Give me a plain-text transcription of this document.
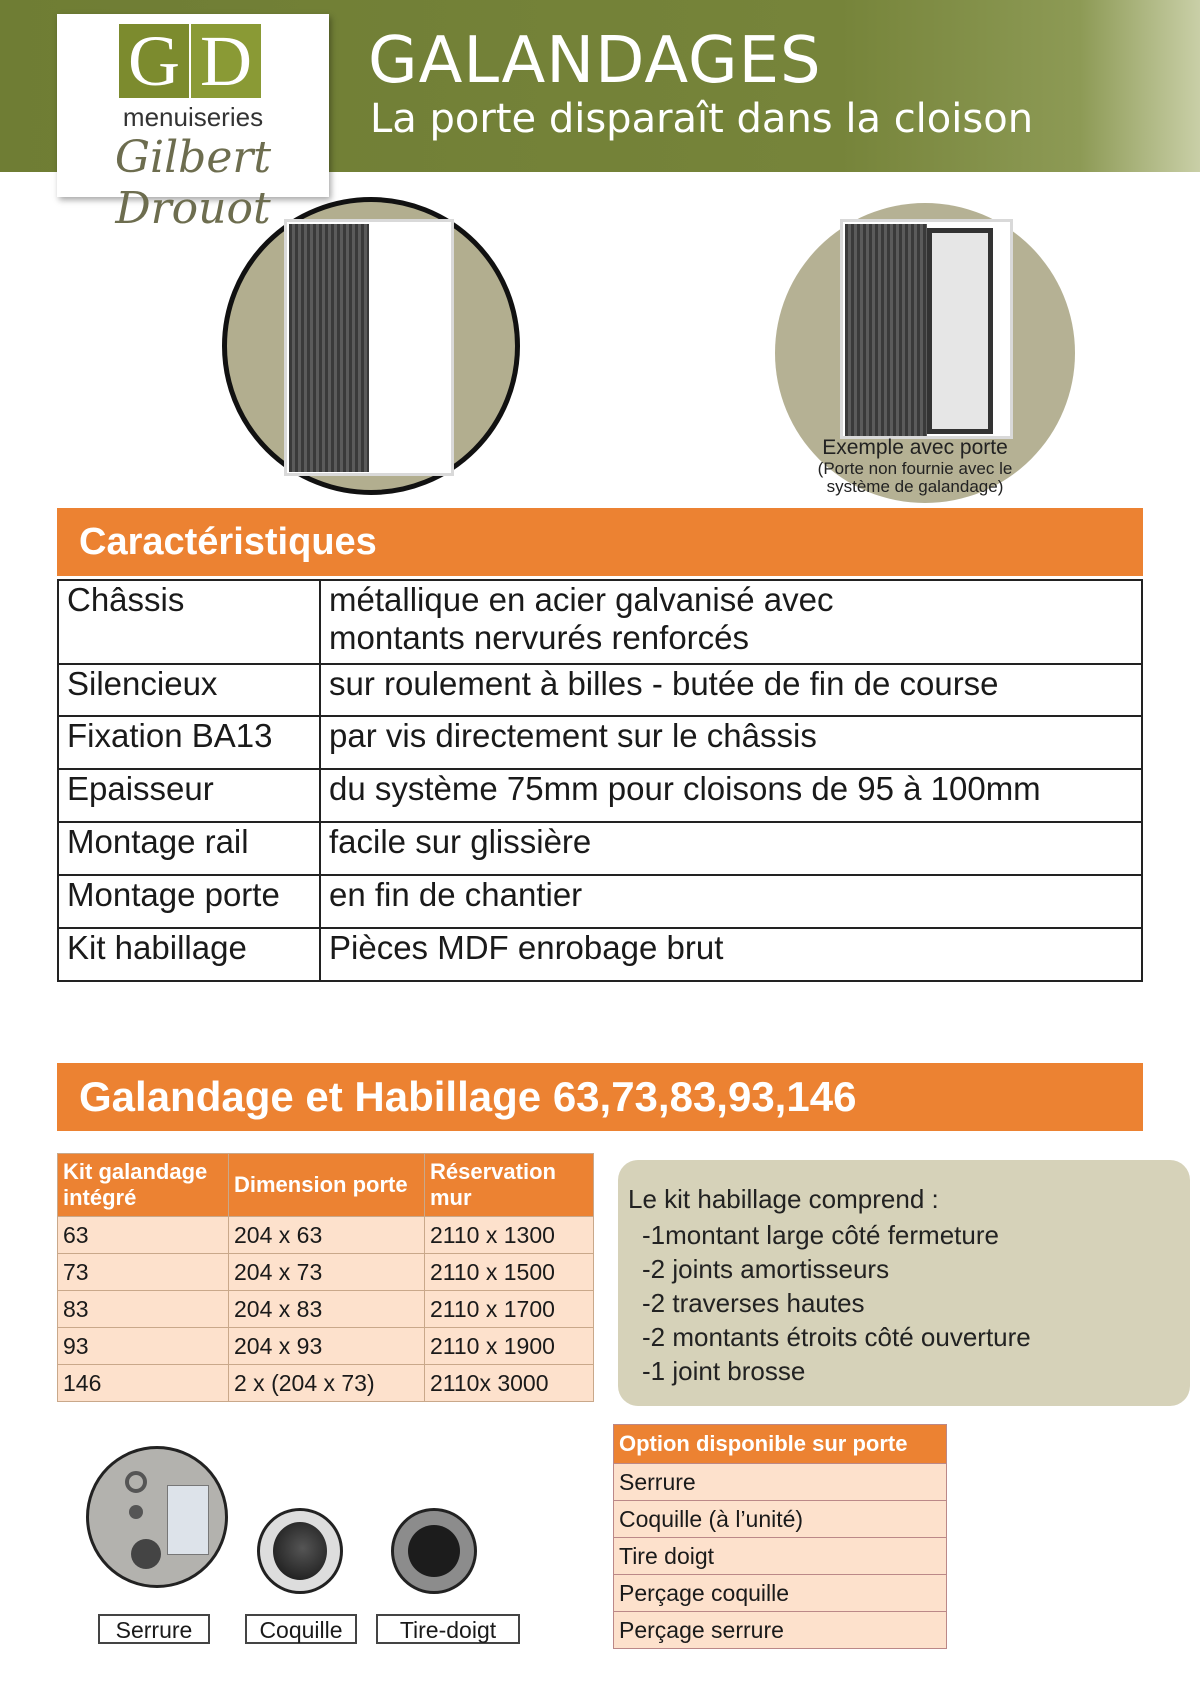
G D
menuiseries
Gilbert Drouot
GALANDAGES
La porte disparaît dans la cloison
Exemple avec porte
(Porte non fournie avec le
système de galandage)
Caractéristiques
Châssis	métallique en acier galvanisé avec
montants nervurés renforcés

Silencieux	sur roulement à billes - butée de fin de course
Fixation BA13	par vis directement sur le châssis
Epaisseur	du système 75mm pour cloisons de 95 à 100mm
Montage rail	facile sur glissière
Montage porte	en fin de chantier
Kit habillage	Pièces MDF enrobage brut
Galandage et Habillage 63,73,83,93,146
Kit galandage intégré	Dimension porte	Réservation mur
63	204 x 63	2110 x 1300
73	204 x 73	2110 x 1500
83	204 x 83	2110 x 1700
93	204 x 93	2110 x 1900
146	2 x (204 x 73)	2110x 3000
Le kit habillage comprend :
-1montant large côté fermeture
-2 joints amortisseurs
-2 traverses hautes
-2 montants étroits côté ouverture
-1 joint brosse
Option disponible sur porte
Serrure
Coquille (à l’unité)
Tire doigt
Perçage coquille
Perçage serrure
Serrure	Coquille	Tire-doigt
